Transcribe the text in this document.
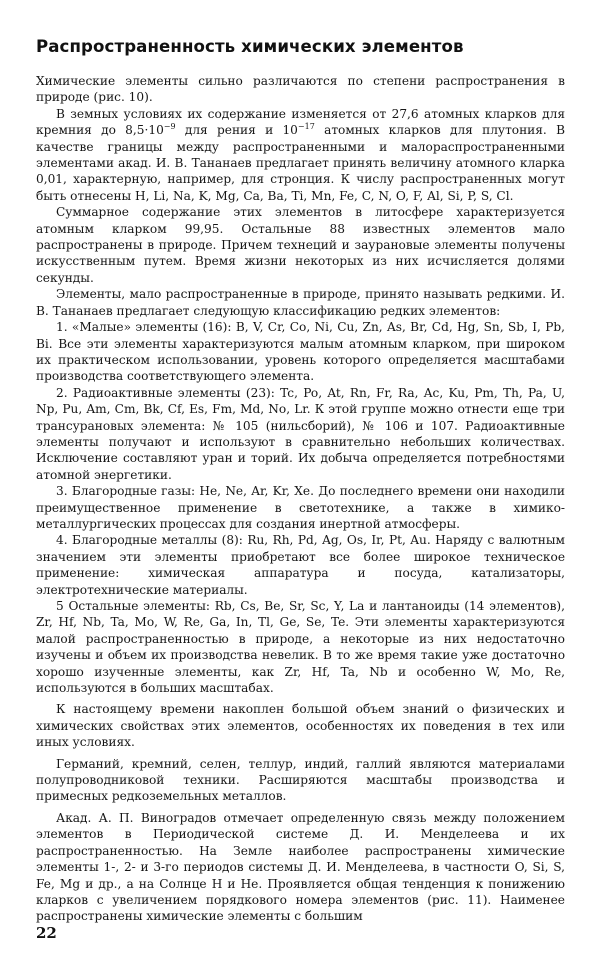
Распространенность химических элементов

Химические элементы сильно различаются по степени распространения в природе (рис. 10).

В земных условиях их содержание изменяется от 27,6 атомных кларков для кремния до $8,5\cdot 10^{-9}$ для рения и $10^{-17}$ атомных кларков для плутония. В качестве границы между распространенными и малораспространенными элементами акад. И. В. Тананаев предлагает принять величину атомного кларка 0,01, характерную, например, для стронция. К числу распространенных могут быть отнесены H, Li, Na, K, Mg, Ca, Ba, Ti, Mn, Fe, C, N, O, F, Al, Si, P, S, Cl.

Суммарное содержание этих элементов в литосфере характеризуется атомным кларком 99,95. Остальные 88 известных элементов мало распространены в природе. Причем технеций и заурановые элементы получены искусственным путем. Время жизни некоторых из них исчисляется долями секунды.

Элементы, мало распространенные в природе, принято называть редкими. И. В. Тананаев предлагает следующую классификацию редких элементов:

1. «Малые» элементы (16): B, V, Cr, Co, Ni, Cu, Zn, As, Br, Cd, Hg, Sn, Sb, I, Pb, Bi. Все эти элементы характеризуются малым атомным кларком, при широком их практическом использовании, уровень которого определяется масштабами производства соответствующего элемента.

2. Радиоактивные элементы (23): Tc, Po, At, Rn, Fr, Ra, Ac, Ku, Pm, Th, Pa, U, Np, Pu, Am, Cm, Bk, Cf, Es, Fm, Md, No, Lr. К этой группе можно отнести еще три трансурановых элемента: № 105 (нильсборий), № 106 и 107. Радиоактивные элементы получают и используют в сравнительно небольших количествах. Исключение составляют уран и торий. Их добыча определяется потребностями атомной энергетики.

3. Благородные газы: He, Ne, Ar, Kr, Xe. До последнего времени они находили преимущественное применение в светотехнике, а также в химико-металлургических процессах для создания инертной атмосферы.

4. Благородные металлы (8): Ru, Rh, Pd, Ag, Os, Ir, Pt, Au. Наряду с валютным значением эти элементы приобретают все более широкое техническое применение: химическая аппаратура и посуда, катализаторы, электротехнические материалы.

5 Остальные элементы: Rb, Cs, Be, Sr, Sc, Y, La и лантаноиды (14 элементов), Zr, Hf, Nb, Ta, Mo, W, Re, Ga, In, Tl, Ge, Se, Te. Эти элементы характеризуются малой распространенностью в природе, а некоторые из них недостаточно изучены и объем их производства невелик. В то же время такие уже достаточно хорошо изученные элементы, как Zr, Hf, Ta, Nb и особенно W, Mo, Re, используются в больших масштабах.

К настоящему времени накоплен большой объем знаний о физических и химических свойствах этих элементов, особенностях их поведения в тех или иных условиях.

Германий, кремний, селен, теллур, индий, галлий являются материалами полупроводниковой техники. Расширяются масштабы производства и примесных редкоземельных металлов.

Акад. А. П. Виноградов отмечает определенную связь между положением элементов в Периодической системе Д. И. Менделеева и их распространенностью. На Земле наиболее распространены химические элементы 1-, 2- и 3-го периодов системы Д. И. Менделеева, в частности O, Si, S, Fe, Mg и др., а на Солнце H и He. Проявляется общая тенденция к понижению кларков с увеличением порядкового номера элементов (рис. 11). Наименее распространены химические элементы с большим

22
